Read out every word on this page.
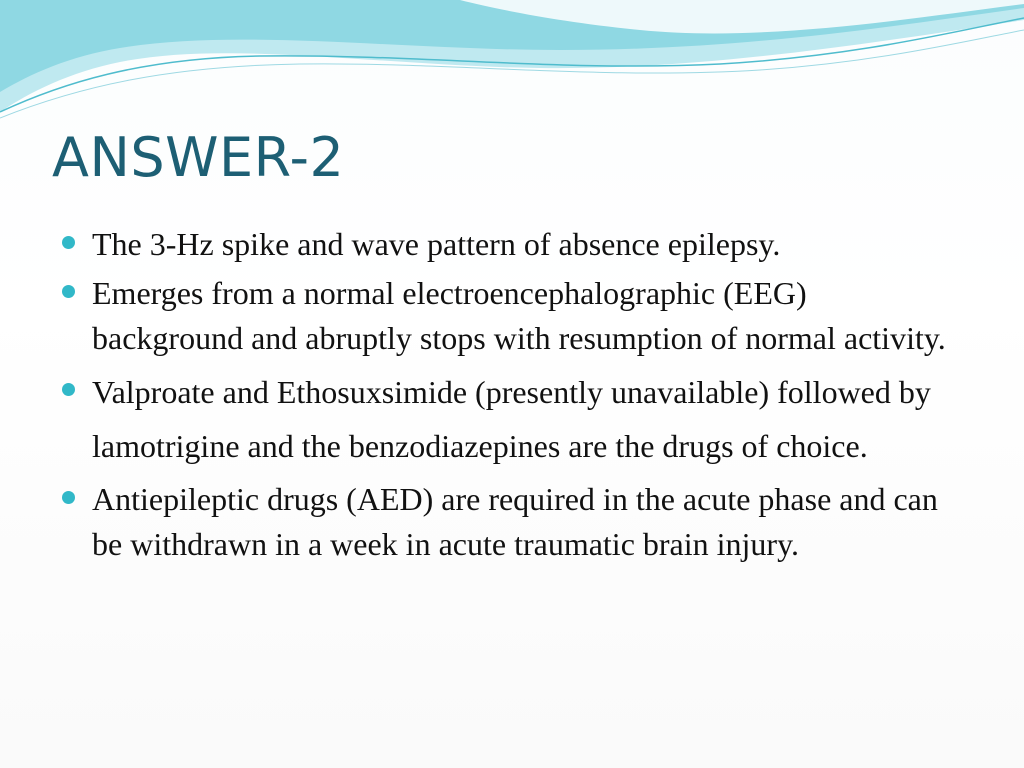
ANSWER-2
The 3-Hz spike and wave pattern of absence epilepsy.
Emerges from a normal electroencephalographic (EEG) background and abruptly stops with resumption of normal activity.
Valproate and Ethosuxsimide (presently unavailable) followed by lamotrigine and the benzodiazepines are the drugs of choice.
Antiepileptic drugs (AED) are required in the acute phase and can be withdrawn in a week in acute traumatic brain injury.
